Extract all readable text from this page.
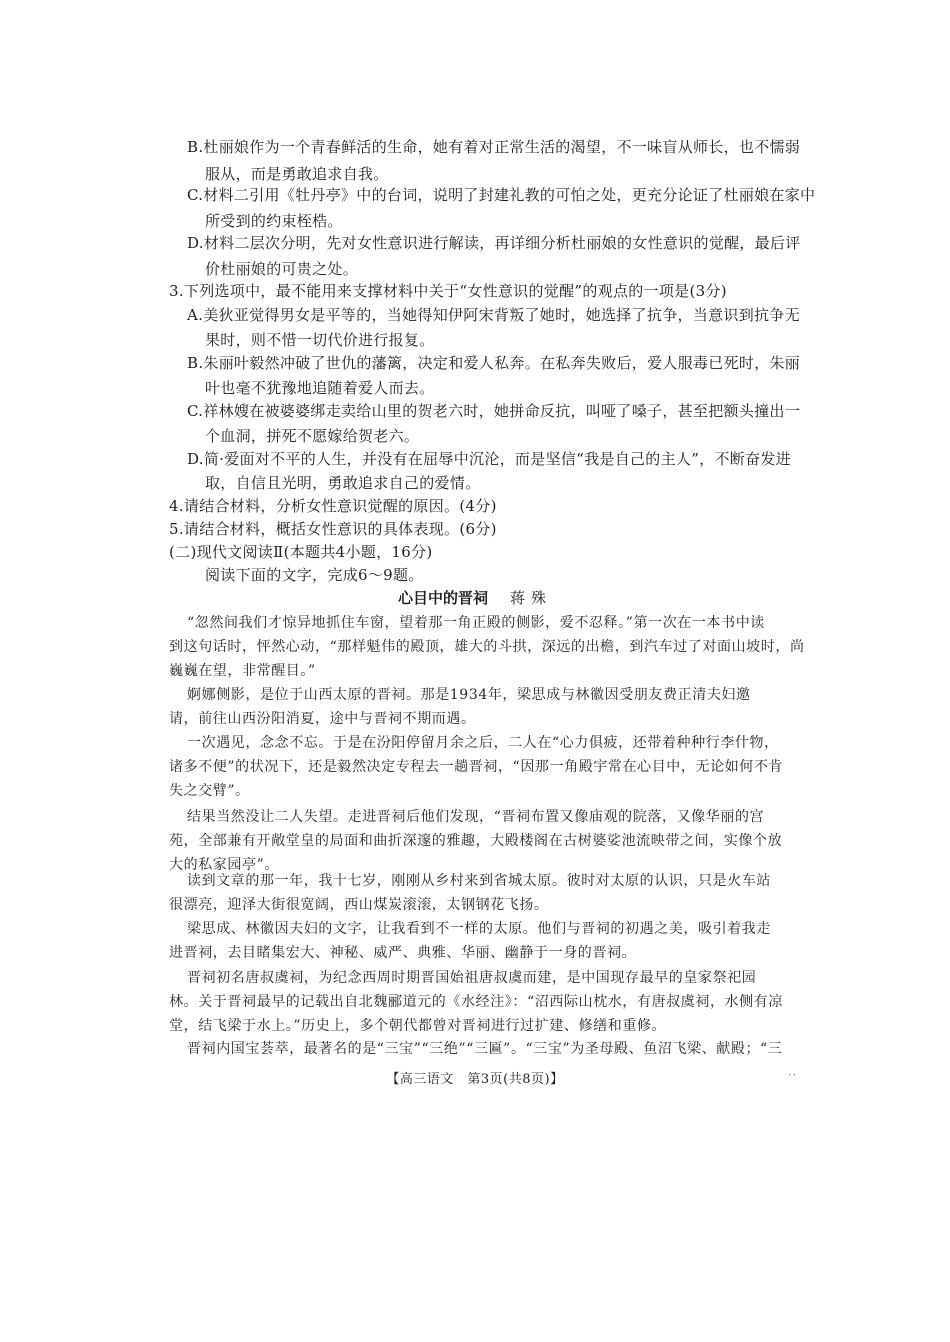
B.杜丽娘作为一个青春鲜活的生命，她有着对正常生活的渴望，不一味盲从师长，也不懦弱
服从，而是勇敢追求自我。
C.材料二引用《牡丹亭》中的台词，说明了封建礼教的可怕之处，更充分论证了杜丽娘在家中
所受到的约束桎梏。
D.材料二层次分明，先对女性意识进行解读，再详细分析杜丽娘的女性意识的觉醒，最后评
价杜丽娘的可贵之处。
3.下列选项中，最不能用来支撑材料中关于“女性意识的觉醒”的观点的一项是(3分)
A.美狄亚觉得男女是平等的，当她得知伊阿宋背叛了她时，她选择了抗争，当意识到抗争无
果时，则不惜一切代价进行报复。
B.朱丽叶毅然冲破了世仇的藩篱，决定和爱人私奔。在私奔失败后，爱人服毒已死时，朱丽
叶也毫不犹豫地追随着爱人而去。
C.祥林嫂在被婆婆绑走卖给山里的贺老六时，她拼命反抗，叫哑了嗓子，甚至把额头撞出一
个血洞，拼死不愿嫁给贺老六。
D.简·爱面对不平的人生，并没有在屈辱中沉沦，而是坚信“我是自己的主人”，不断奋发进
取，自信且光明，勇敢追求自己的爱情。
4.请结合材料，分析女性意识觉醒的原因。(4分)
5.请结合材料，概括女性意识的具体表现。(6分)
(二)现代文阅读Ⅱ(本题共4小题，16分)
阅读下面的文字，完成6～9题。
心目中的晋祠 蒋殊
“忽然间我们才惊异地抓住车窗，望着那一角正殿的侧影，爱不忍释。”第一次在一本书中读
到这句话时，怦然心动，“那样魁伟的殿顶，雄大的斗拱，深远的出檐，到汽车过了对面山坡时，尚
巍巍在望，非常醒目。”
婀娜侧影，是位于山西太原的晋祠。那是1934年，梁思成与林徽因受朋友费正清夫妇邀
请，前往山西汾阳消夏，途中与晋祠不期而遇。
一次遇见，念念不忘。于是在汾阳停留月余之后，二人在“心力俱疲，还带着种种行李什物，
诸多不便”的状况下，还是毅然决定专程去一趟晋祠，“因那一角殿宇常在心目中，无论如何不肯
失之交臂”。
结果当然没让二人失望。走进晋祠后他们发现，“晋祠布置又像庙观的院落，又像华丽的宫
苑，全部兼有开敞堂皇的局面和曲折深邃的雅趣，大殿楼阁在古树婆娑池流映带之间，实像个放
大的私家园亭”。
读到文章的那一年，我十七岁，刚刚从乡村来到省城太原。彼时对太原的认识，只是火车站
很漂亮，迎泽大街很宽阔，西山煤炭滚滚，太钢钢花飞扬。
梁思成、林徽因夫妇的文字，让我看到不一样的太原。他们与晋祠的初遇之美，吸引着我走
进晋祠，去目睹集宏大、神秘、威严、典雅、华丽、幽静于一身的晋祠。
晋祠初名唐叔虞祠，为纪念西周时期晋国始祖唐叔虞而建，是中国现存最早的皇家祭祀园
林。关于晋祠最早的记载出自北魏郦道元的《水经注》：“沼西际山枕水，有唐叔虞祠，水侧有凉
堂，结飞梁于水上。”历史上，多个朝代都曾对晋祠进行过扩建、修缮和重修。
晋祠内国宝荟萃，最著名的是“三宝”“三绝”“三匾”。“三宝”为圣母殿、鱼沼飞梁、献殿；“三
【高三语文　第3页(共8页)】	··
